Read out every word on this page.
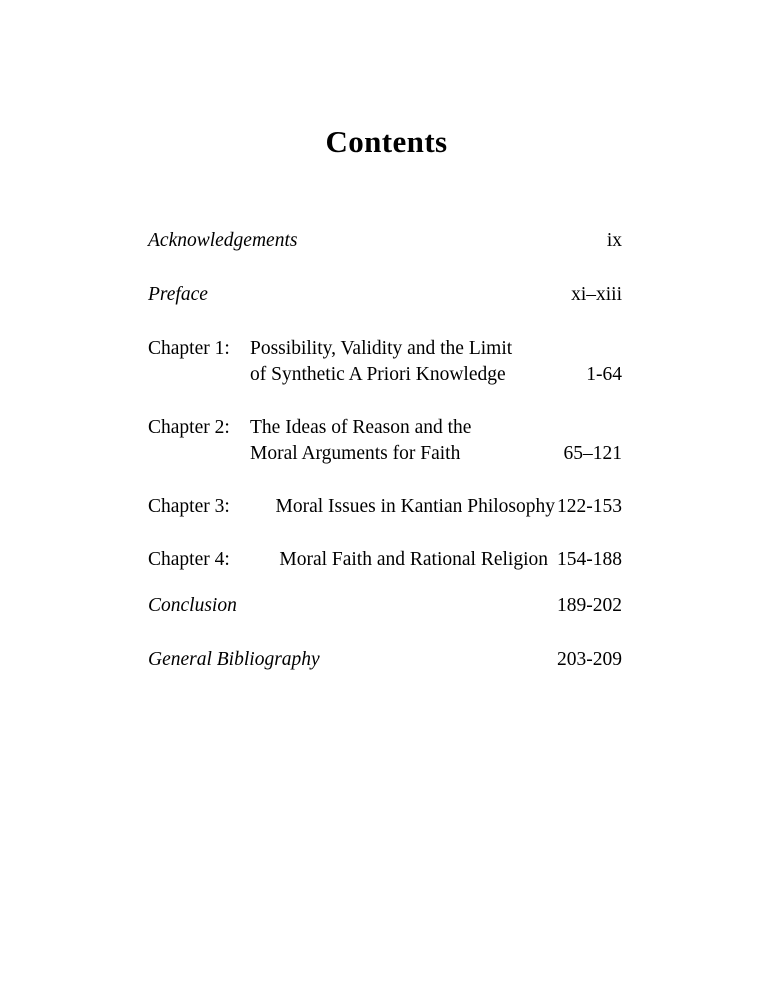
Contents
Acknowledgements	ix
Preface	xi–xiii
Chapter 1:	Possibility, Validity and the Limit
of Synthetic A Priori Knowledge	1-64
Chapter 2:	The Ideas of Reason and the
Moral Arguments for Faith	65–121
Chapter 3:	Moral Issues in Kantian Philosophy 122-153
Chapter 4:	Moral Faith and Rational Religion 154-188
Conclusion	189-202
General Bibliography	203-209
